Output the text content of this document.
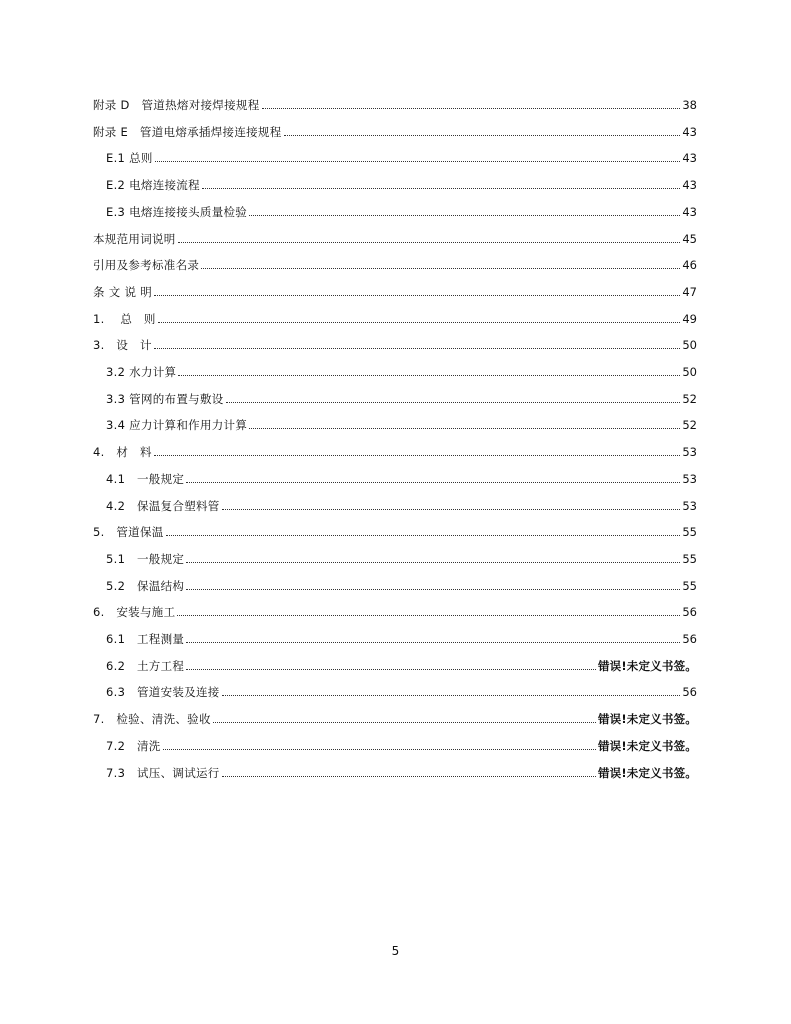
附录 D　管道热熔对接焊接规程	38
附录 E　管道电熔承插焊接连接规程	43
E.1 总则	43
E.2 电熔连接流程	43
E.3 电熔连接接头质量检验	43
本规范用词说明	45
引用及参考标准名录	46
条 文 说 明	47
1.　 总　则	49
3.　设　计	50
3.2 水力计算	50
3.3 管网的布置与敷设	52
3.4 应力计算和作用力计算	52
4.　材　料	53
4.1　一般规定	53
4.2　保温复合塑料管	53
5.　管道保温	55
5.1　一般规定	55
5.2　保温结构	55
6.　安装与施工	56
6.1　工程测量	56
6.2　土方工程	错误!未定义书签。
6.3　管道安装及连接	56
7.　检验、清洗、验收	错误!未定义书签。
7.2　清洗	错误!未定义书签。
7.3　试压、调试运行	错误!未定义书签。
5
